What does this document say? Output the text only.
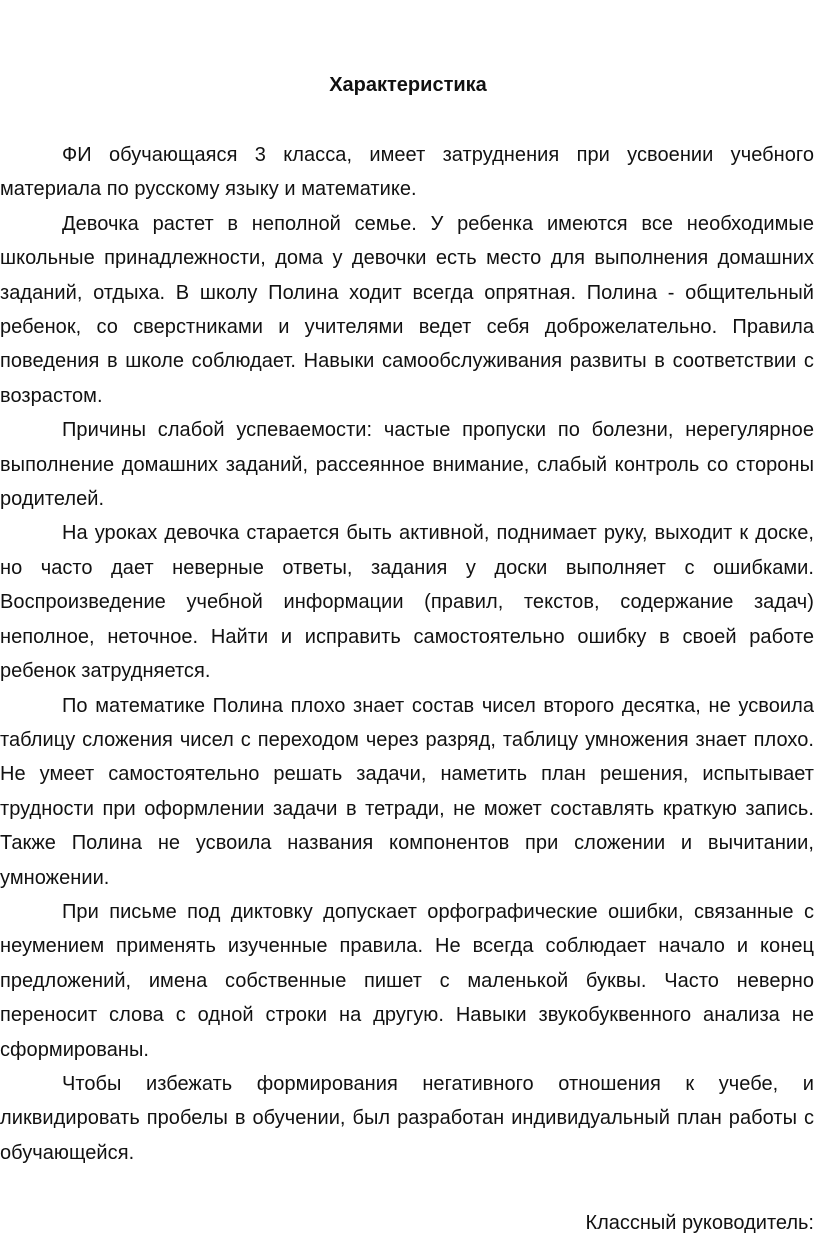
Характеристика

ФИ обучающаяся 3 класса, имеет затруднения при усвоении учебного материала по русскому языку и математике.

Девочка растет в неполной семье. У ребенка имеются все необходимые школьные принадлежности, дома у девочки есть место для выполнения домашних заданий, отдыха. В школу Полина ходит всегда опрятная. Полина - общительный ребенок, со сверстниками и учителями ведет себя доброжелательно. Правила поведения в школе соблюдает. Навыки самообслуживания развиты в соответствии с возрастом.

Причины слабой успеваемости: частые пропуски по болезни, нерегулярное выполнение домашних заданий, рассеянное внимание, слабый контроль со стороны родителей.

На уроках девочка старается быть активной, поднимает руку, выходит к доске, но часто дает неверные ответы, задания у доски выполняет с ошибками. Воспроизведение учебной информации (правил, текстов, содержание задач) неполное, неточное. Найти и исправить самостоятельно ошибку в своей работе ребенок затрудняется.

По математике Полина плохо знает состав чисел второго десятка, не усвоила таблицу сложения чисел с переходом через разряд, таблицу умножения знает плохо. Не умеет самостоятельно решать задачи, наметить план решения, испытывает трудности при оформлении задачи в тетради, не может составлять краткую запись. Также Полина не усвоила названия компонентов при сложении и вычитании, умножении.

При письме под диктовку допускает орфографические ошибки, связанные с неумением применять изученные правила. Не всегда соблюдает начало и конец предложений, имена собственные пишет с маленькой буквы. Часто неверно переносит слова с одной строки на другую. Навыки звукобуквенного анализа не сформированы.

Чтобы избежать формирования негативного отношения к учебе, и ликвидировать пробелы в обучении, был разработан индивидуальный план работы с обучающейся.

Классный руководитель:
